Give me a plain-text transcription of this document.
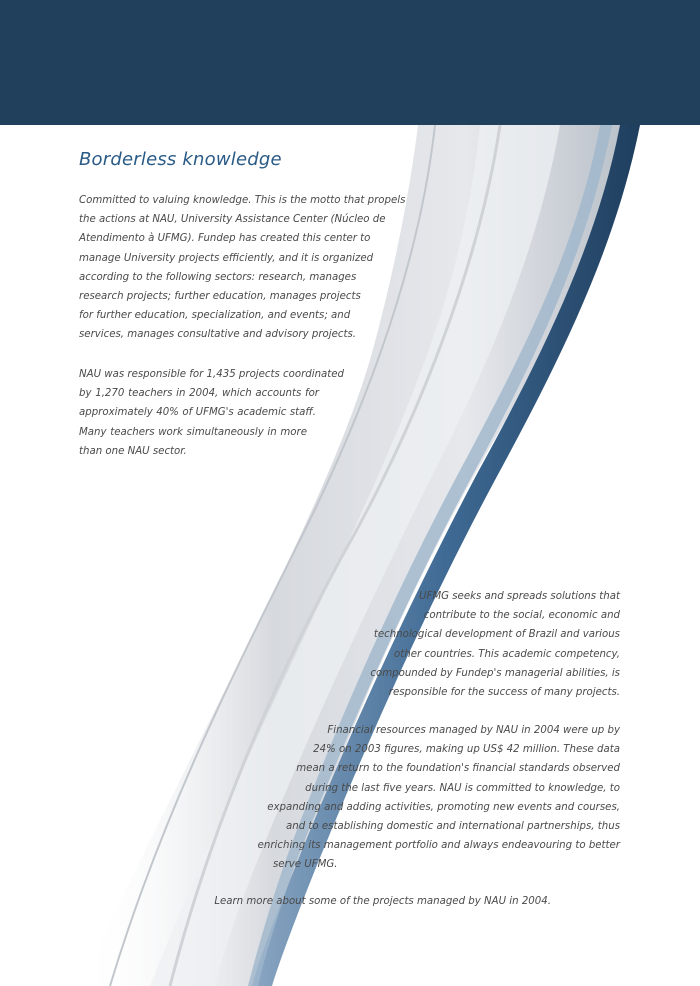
Borderless knowledge
Committed to valuing knowledge. This is the motto that propels
the actions at NAU, University Assistance Center (Núcleo de
Atendimento à UFMG). Fundep has created this center to
manage University projects efficiently, and it is organized
according to the following sectors: research, manages
research projects; further education, manages projects
for further education, specialization, and events; and
services, manages consultative and advisory projects.
NAU was responsible for 1,435 projects coordinated
by 1,270 teachers in 2004, which accounts for
approximately 40% of UFMG's academic staff.
Many teachers work simultaneously in more
than one NAU sector.
UFMG seeks and spreads solutions that
contribute to the social, economic and
technological development of Brazil and various
other countries. This academic competency,
compounded by Fundep's managerial abilities, is
responsible for the success of many projects.
Financial resources managed by NAU in 2004 were up by
24% on 2003 figures, making up US$ 42 million. These data
mean a return to the foundation's financial standards observed
during the last five years. NAU is committed to knowledge, to
expanding and adding activities, promoting new events and courses,
and to establishing domestic and international partnerships, thus
enriching its management portfolio and always endeavouring to better
serve UFMG.
Learn more about some of the projects managed by NAU in 2004.
